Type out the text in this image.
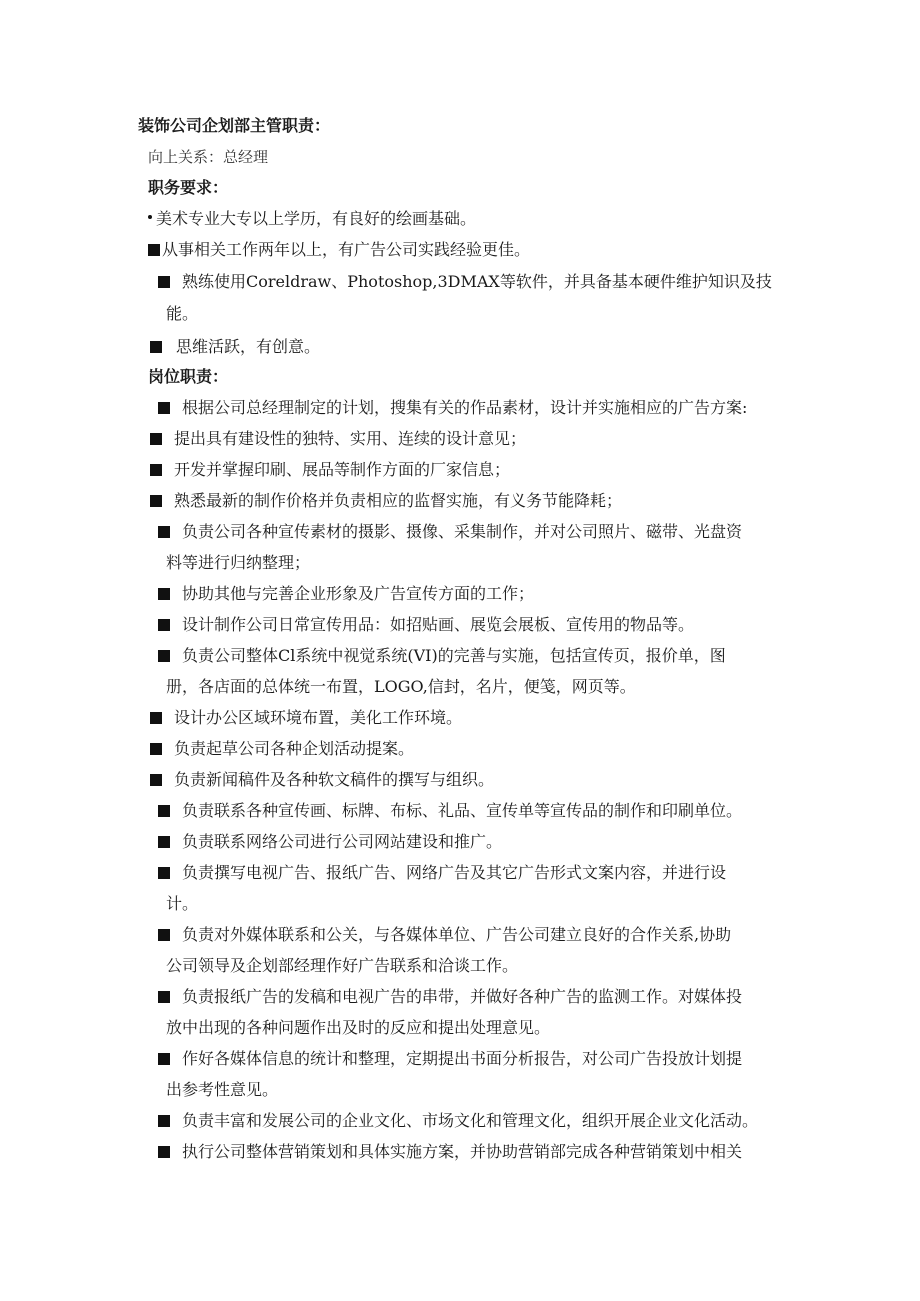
装饰公司企划部主管职责：
向上关系：总经理
职务要求：
美术专业大专以上学历，有良好的绘画基础。
从事相关工作两年以上，有广告公司实践经验更佳。
熟练使用Coreldraw、Photoshop,3DMAX等软件，并具备基本硬件维护知识及技
能。
思维活跃，有创意。
岗位职责：
根据公司总经理制定的计划，搜集有关的作品素材，设计并实施相应的广告方案:
提出具有建设性的独特、实用、连续的设计意见；
开发并掌握印刷、展品等制作方面的厂家信息；
熟悉最新的制作价格并负责相应的监督实施，有义务节能降耗；
负责公司各种宣传素材的摄影、摄像、采集制作，并对公司照片、磁带、光盘资
料等进行归纳整理；
协助其他与完善企业形象及广告宣传方面的工作；
设计制作公司日常宣传用品：如招贴画、展览会展板、宣传用的物品等。
负责公司整体Cl系统中视觉系统(VI)的完善与实施，包括宣传页，报价单，图
册，各店面的总体统一布置，LOGO,信封，名片，便笺，网页等。
设计办公区域环境布置，美化工作环境。
负责起草公司各种企划活动提案。
负责新闻稿件及各种软文稿件的撰写与组织。
负责联系各种宣传画、标牌、布标、礼品、宣传单等宣传品的制作和印刷单位。
负责联系网络公司进行公司网站建设和推广。
负责撰写电视广告、报纸广告、网络广告及其它广告形式文案内容，并进行设
计。
负责对外媒体联系和公关，与各媒体单位、广告公司建立良好的合作关系,协助
公司领导及企划部经理作好广告联系和洽谈工作。
负责报纸广告的发稿和电视广告的串带，并做好各种广告的监测工作。对媒体投
放中出现的各种问题作出及时的反应和提出处理意见。
作好各媒体信息的统计和整理，定期提出书面分析报告，对公司广告投放计划提
出参考性意见。
负责丰富和发展公司的企业文化、市场文化和管理文化，组织开展企业文化活动。
执行公司整体营销策划和具体实施方案，并协助营销部完成各种营销策划中相关
